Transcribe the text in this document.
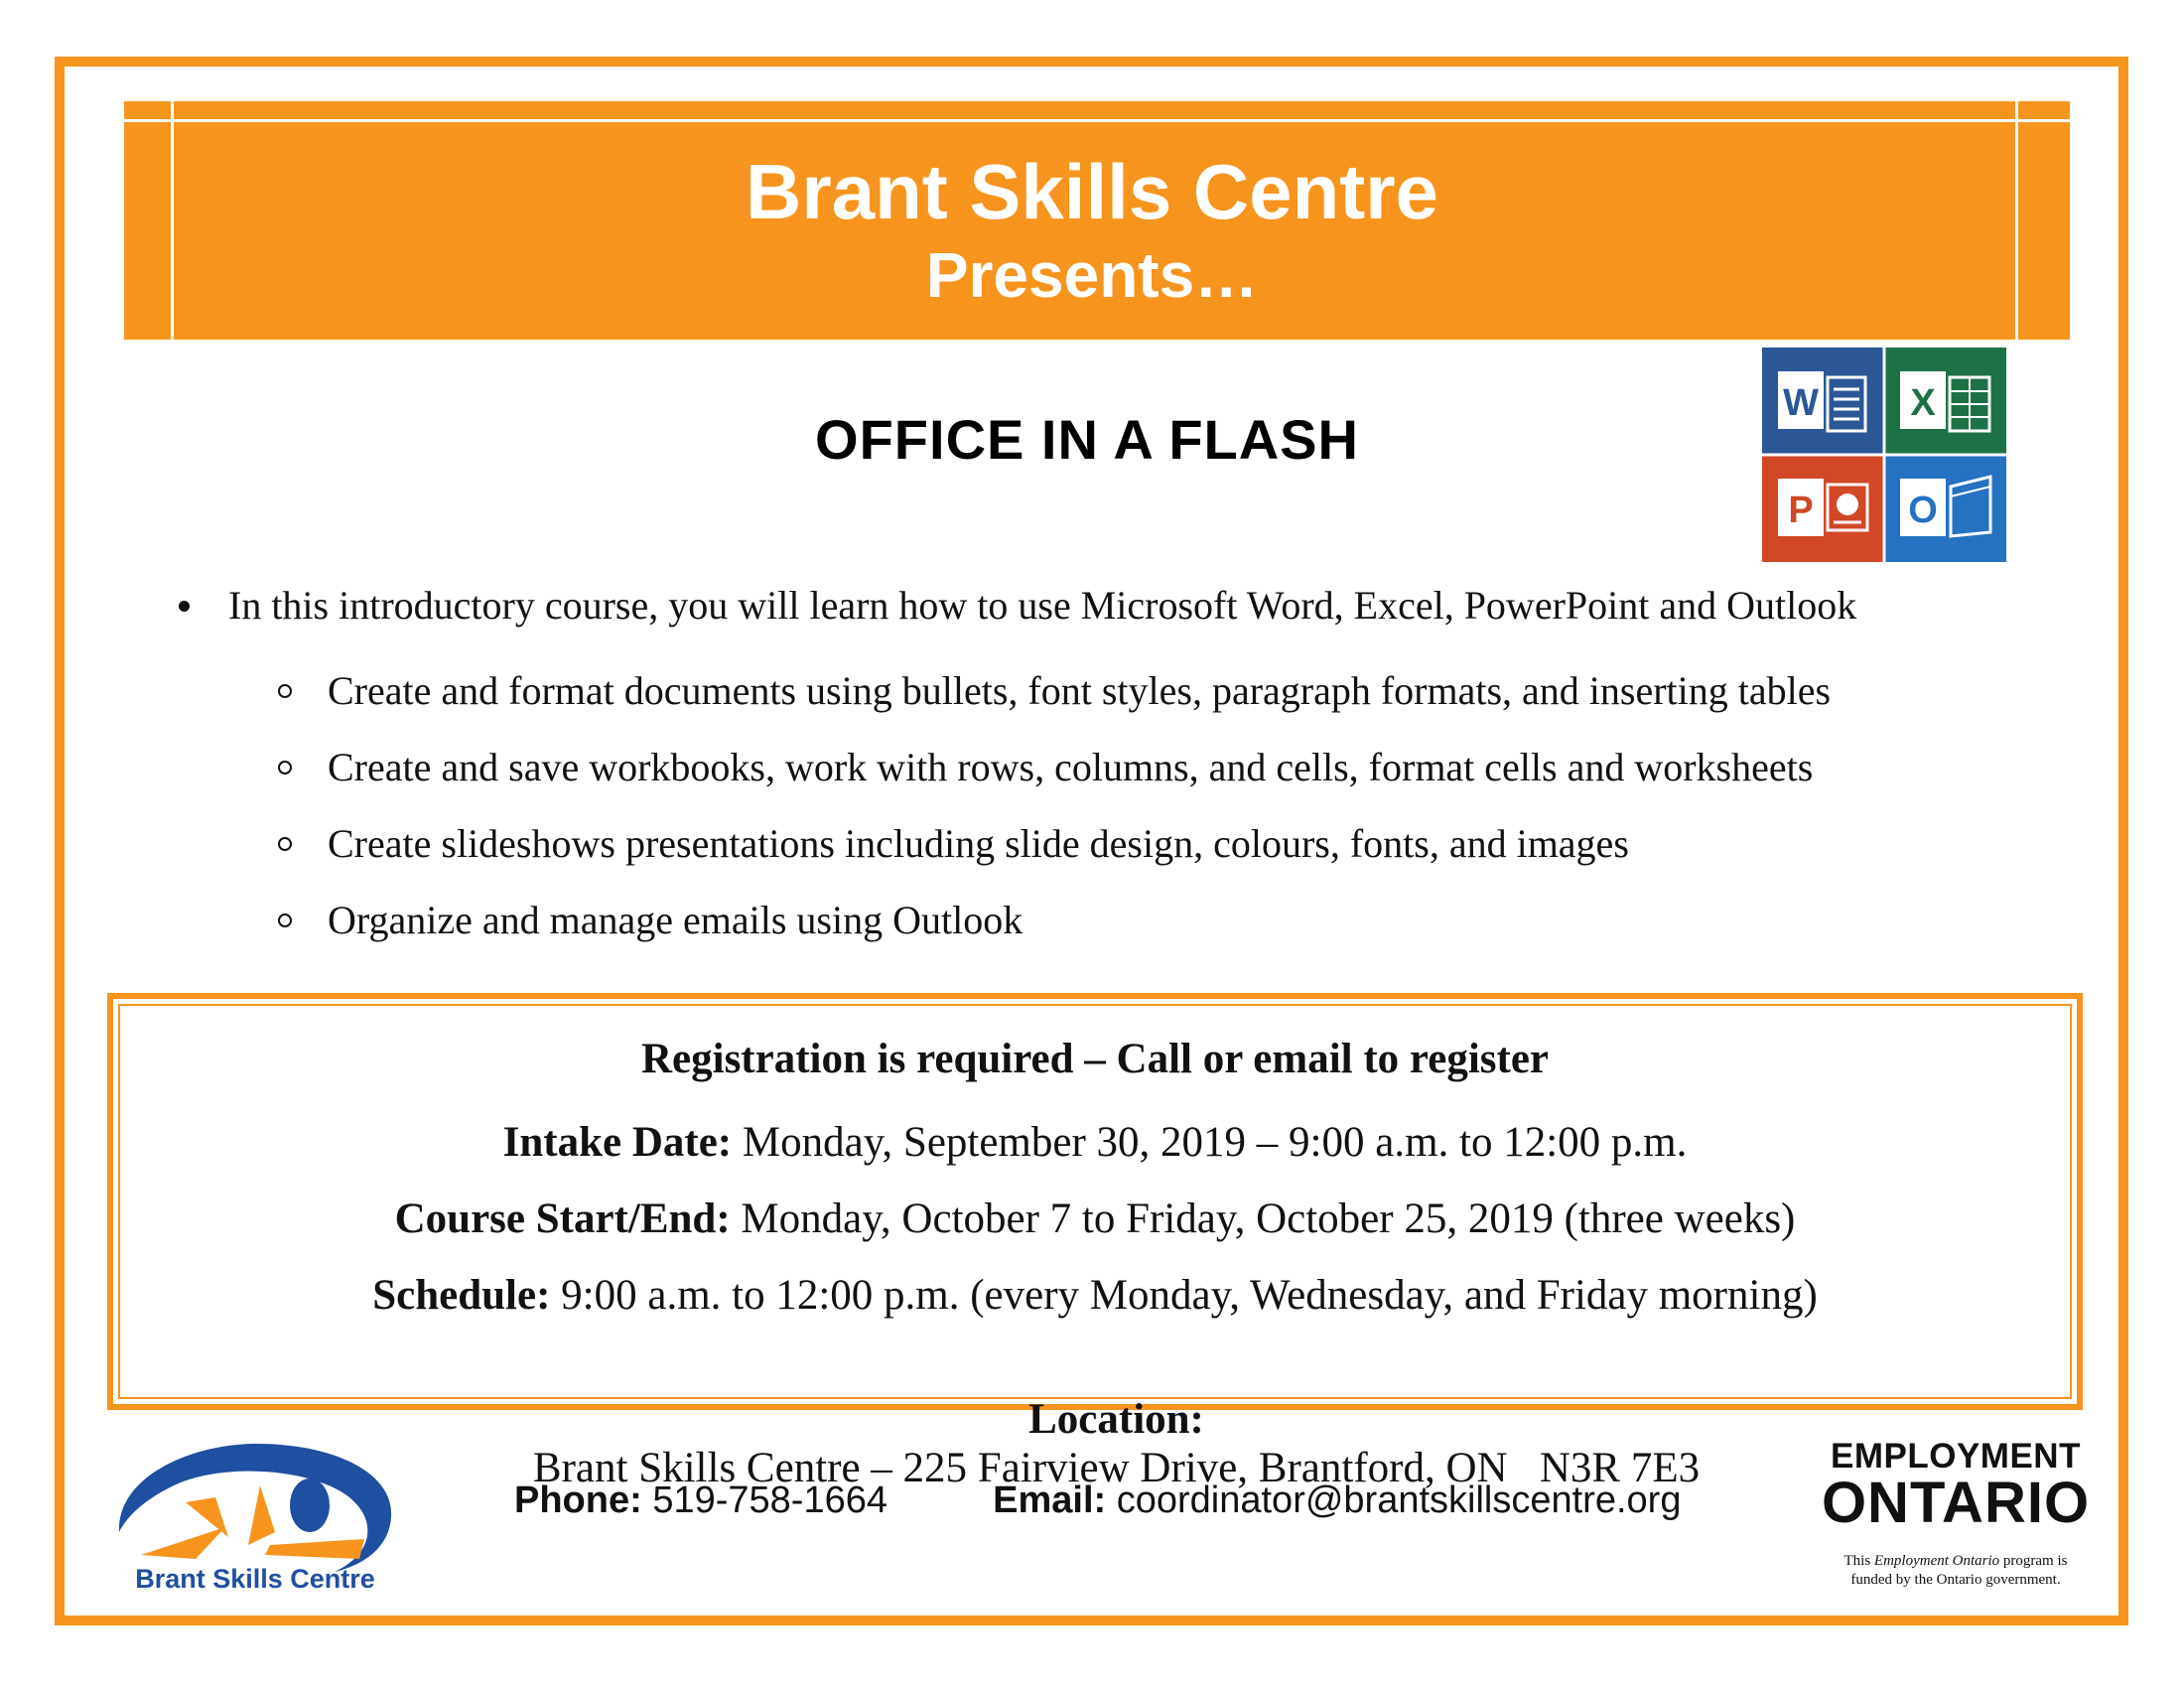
Brant Skills Centre
Presents…
OFFICE IN A FLASH
W X
P	O
In this introductory course, you will learn how to use Microsoft Word, Excel, PowerPoint and Outlook
Create and format documents using bullets, font styles, paragraph formats, and inserting tables
Create and save workbooks, work with rows, columns, and cells, format cells and worksheets
Create slideshows presentations including slide design, colours, fonts, and images
Organize and manage emails using Outlook
Registration is required – Call or email to register
Intake Date: Monday, September 30, 2019 – 9:00 a.m. to 12:00 p.m.
Course Start/End: Monday, October 7 to Friday, October 25, 2019 (three weeks)
Schedule: 9:00 a.m. to 12:00 p.m. (every Monday, Wednesday, and Friday morning)

Location:
Brant Skills Centre – 225 Fairview Drive, Brantford, ON   N3R 7E3

Brant Skills Centre
Phone: 519-758-1664	Email: coordinator@brantskillscentre.org
EMPLOYMENT
ONTARIO
This Employment Ontario program is
funded by the Ontario government.
